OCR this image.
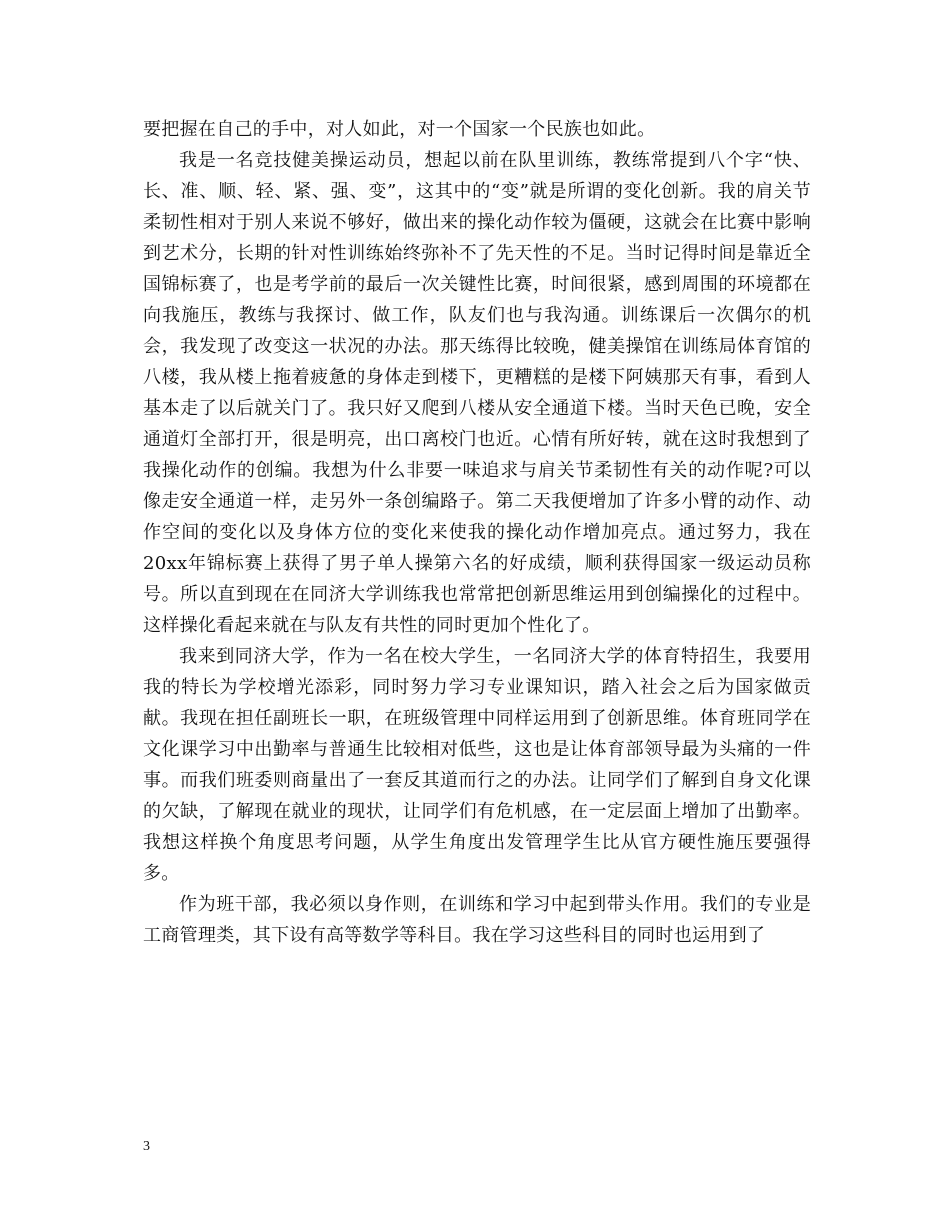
要把握在自己的手中，对人如此，对一个国家一个民族也如此。

我是一名竞技健美操运动员，想起以前在队里训练，教练常提到八个字“快、长、准、顺、轻、紧、强、变”，这其中的“变”就是所谓的变化创新。我的肩关节柔韧性相对于别人来说不够好，做出来的操化动作较为僵硬，这就会在比赛中影响到艺术分，长期的针对性训练始终弥补不了先天性的不足。当时记得时间是靠近全国锦标赛了，也是考学前的最后一次关键性比赛，时间很紧，感到周围的环境都在向我施压，教练与我探讨、做工作，队友们也与我沟通。训练课后一次偶尔的机会，我发现了改变这一状况的办法。那天练得比较晚，健美操馆在训练局体育馆的八楼，我从楼上拖着疲惫的身体走到楼下，更糟糕的是楼下阿姨那天有事，看到人基本走了以后就关门了。我只好又爬到八楼从安全通道下楼。当时天色已晚，安全通道灯全部打开，很是明亮，出口离校门也近。心情有所好转，就在这时我想到了我操化动作的创编。我想为什么非要一味追求与肩关节柔韧性有关的动作呢?可以像走安全通道一样，走另外一条创编路子。第二天我便增加了许多小臂的动作、动作空间的变化以及身体方位的变化来使我的操化动作增加亮点。通过努力，我在20xx年锦标赛上获得了男子单人操第六名的好成绩，顺利获得国家一级运动员称号。所以直到现在在同济大学训练我也常常把创新思维运用到创编操化的过程中。这样操化看起来就在与队友有共性的同时更加个性化了。

我来到同济大学，作为一名在校大学生，一名同济大学的体育特招生，我要用我的特长为学校增光添彩，同时努力学习专业课知识，踏入社会之后为国家做贡献。我现在担任副班长一职，在班级管理中同样运用到了创新思维。体育班同学在文化课学习中出勤率与普通生比较相对低些，这也是让体育部领导最为头痛的一件事。而我们班委则商量出了一套反其道而行之的办法。让同学们了解到自身文化课的欠缺，了解现在就业的现状，让同学们有危机感，在一定层面上增加了出勤率。我想这样换个角度思考问题，从学生角度出发管理学生比从官方硬性施压要强得多。

作为班干部，我必须以身作则，在训练和学习中起到带头作用。我们的专业是工商管理类，其下设有高等数学等科目。我在学习这些科目的同时也运用到了

3
